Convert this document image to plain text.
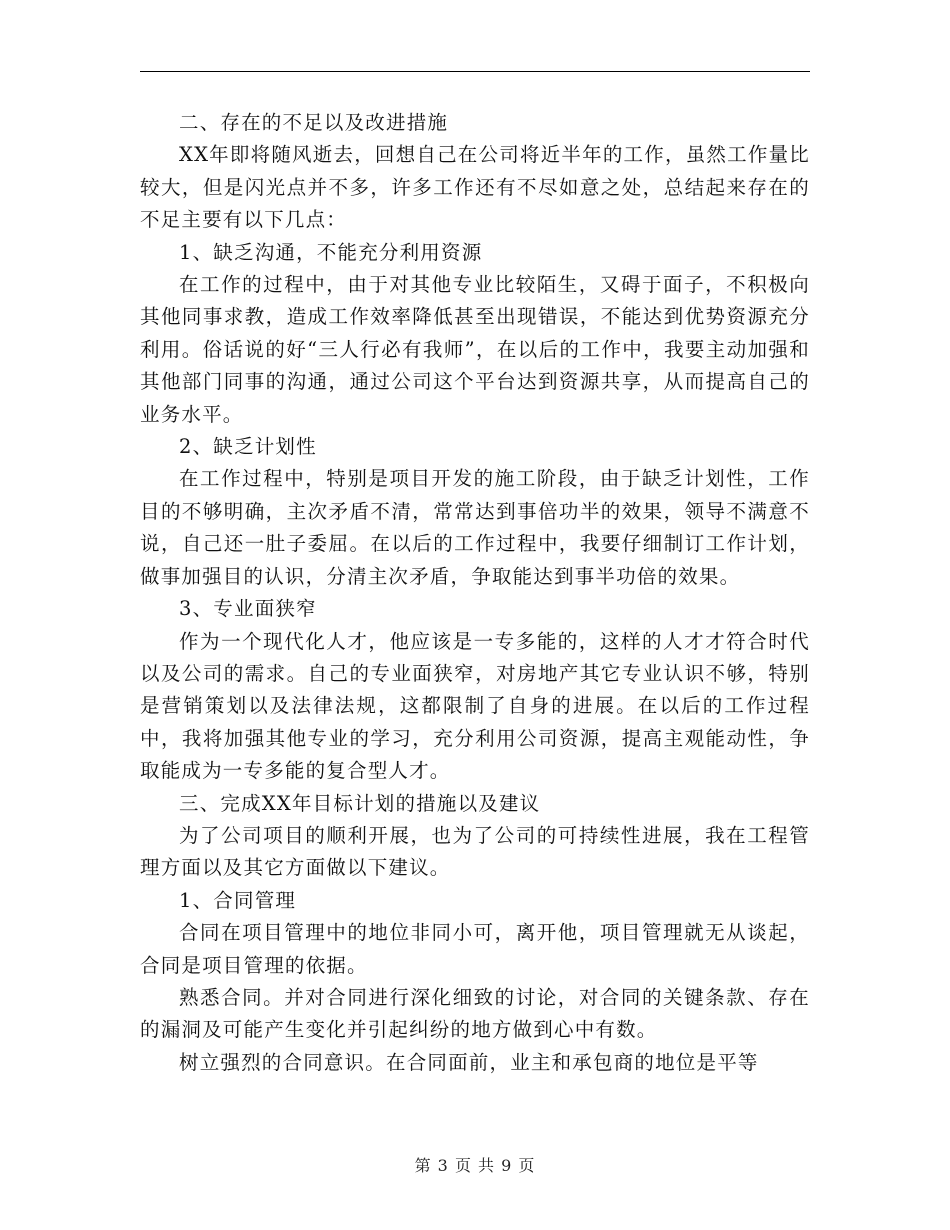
二、存在的不足以及改进措施

XX年即将随风逝去，回想自己在公司将近半年的工作，虽然工作量比较大，但是闪光点并不多，许多工作还有不尽如意之处，总结起来存在的不足主要有以下几点：

1、缺乏沟通，不能充分利用资源

在工作的过程中，由于对其他专业比较陌生，又碍于面子，不积极向其他同事求教，造成工作效率降低甚至出现错误，不能达到优势资源充分利用。俗话说的好“三人行必有我师”，在以后的工作中，我要主动加强和其他部门同事的沟通，通过公司这个平台达到资源共享，从而提高自己的业务水平。

2、缺乏计划性

在工作过程中，特别是项目开发的施工阶段，由于缺乏计划性，工作目的不够明确，主次矛盾不清，常常达到事倍功半的效果，领导不满意不说，自己还一肚子委屈。在以后的工作过程中，我要仔细制订工作计划，做事加强目的认识，分清主次矛盾，争取能达到事半功倍的效果。

3、专业面狭窄

作为一个现代化人才，他应该是一专多能的，这样的人才才符合时代以及公司的需求。自己的专业面狭窄，对房地产其它专业认识不够，特别是营销策划以及法律法规，这都限制了自身的进展。在以后的工作过程中，我将加强其他专业的学习，充分利用公司资源，提高主观能动性，争取能成为一专多能的复合型人才。

三、完成XX年目标计划的措施以及建议

为了公司项目的顺利开展，也为了公司的可持续性进展，我在工程管理方面以及其它方面做以下建议。

1、合同管理

合同在项目管理中的地位非同小可，离开他，项目管理就无从谈起，合同是项目管理的依据。

熟悉合同。并对合同进行深化细致的讨论，对合同的关键条款、存在的漏洞及可能产生变化并引起纠纷的地方做到心中有数。

树立强烈的合同意识。在合同面前，业主和承包商的地位是平等

第 3 页 共 9 页
